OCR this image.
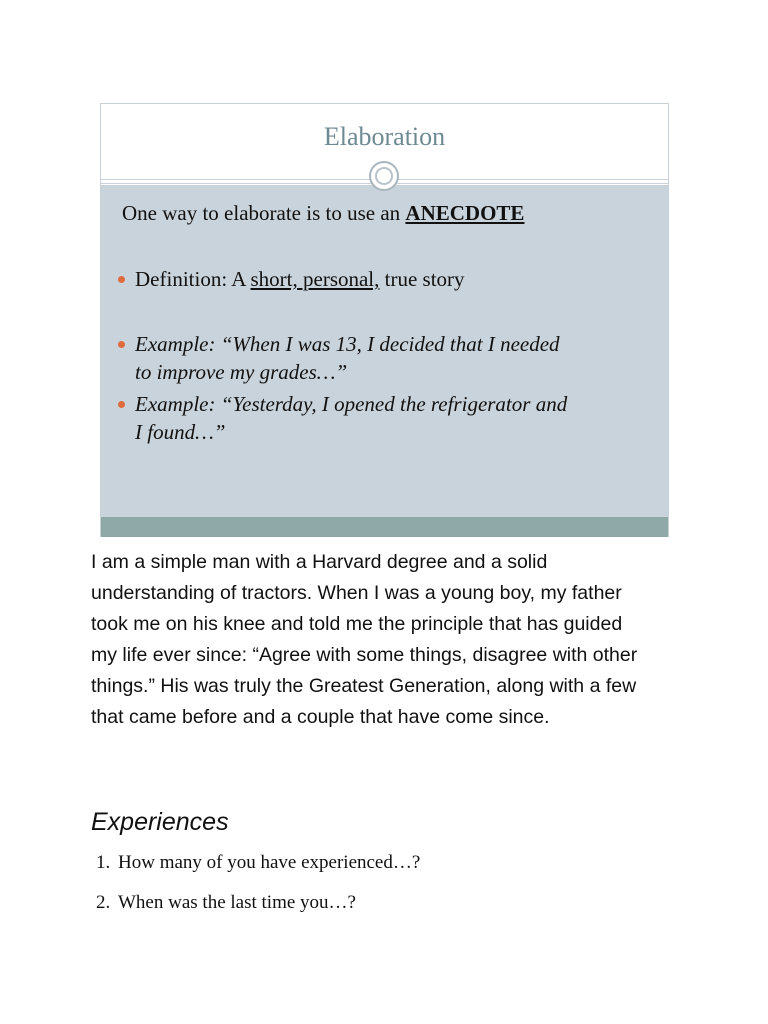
Elaboration
One way to elaborate is to use an ANECDOTE
Definition: A short, personal, true story
Example: “When I was 13, I decided that I needed
to improve my grades…”
Example: “Yesterday, I opened the refrigerator and
I found…”
I am a simple man with a Harvard degree and a solid
understanding of tractors. When I was a young boy, my father
took me on his knee and told me the principle that has guided
my life ever since: “Agree with some things, disagree with other
things.” His was truly the Greatest Generation, along with a few
that came before and a couple that have come since.
Experiences
1. How many of you have experienced…?
2. When was the last time you…?
